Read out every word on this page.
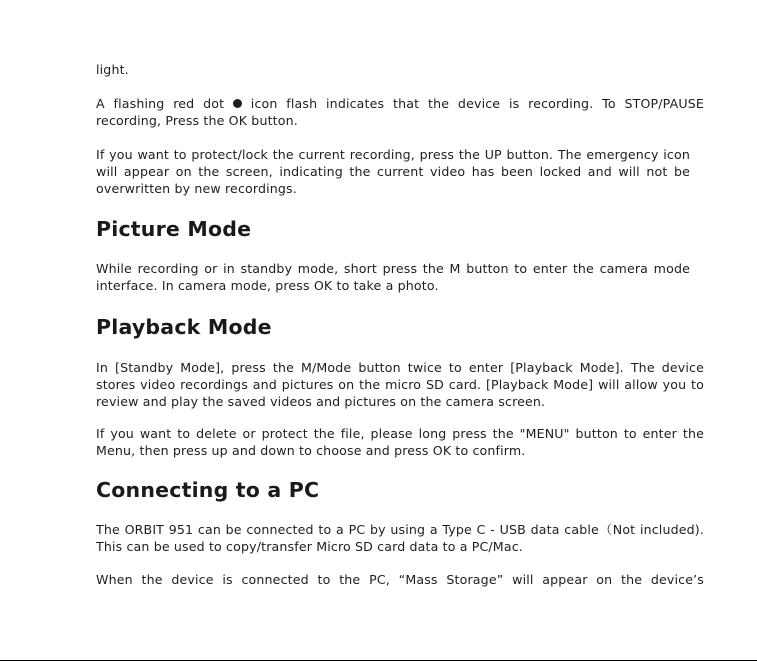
light.

A flashing red dot icon flash indicates that the device is recording. To STOP/PAUSE recording, Press the OK button.

If you want to protect/lock the current recording, press the UP button. The emergency icon will appear on the screen, indicating the current video has been locked and will not be overwritten by new recordings.

Picture Mode

While recording or in standby mode, short press the M button to enter the camera mode interface. In camera mode, press OK to take a photo.

Playback Mode

In [Standby Mode], press the M/Mode button twice to enter [Playback Mode]. The device stores video recordings and pictures on the micro SD card. [Playback Mode] will allow you to review and play the saved videos and pictures on the camera screen.

If you want to delete or protect the file, please long press the "MENU" button to enter the Menu, then press up and down to choose and press OK to confirm.

Connecting to a PC

The ORBIT 951 can be connected to a PC by using a Type C - USB data cable（Not included). This can be used to copy/transfer Micro SD card data to a PC/Mac.

When the device is connected to the PC, “Mass Storage” will appear on the device’s
